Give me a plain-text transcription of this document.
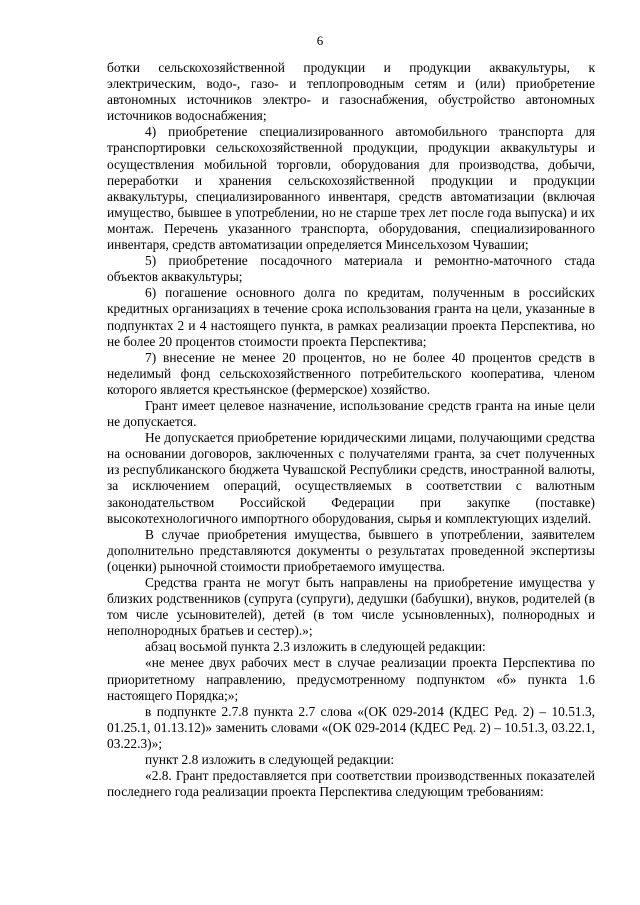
6

ботки сельскохозяйственной продукции и продукции аквакультуры, к электрическим, водо-, газо- и теплопроводным сетям и (или) приобретение автономных источников электро- и газоснабжения, обустройство автономных источников водоснабжения;

4) приобретение специализированного автомобильного транспорта для транспортировки сельскохозяйственной продукции, продукции аквакультуры и осуществления мобильной торговли, оборудования для производства, добычи, переработки и хранения сельскохозяйственной продукции и продукции аквакультуры, специализированного инвентаря, средств автоматизации (включая имущество, бывшее в употреблении, но не старше трех лет после года выпуска) и их монтаж. Перечень указанного транспорта, оборудования, специализированного инвентаря, средств автоматизации определяется Минсельхозом Чувашии;

5) приобретение посадочного материала и ремонтно-маточного стада объектов аквакультуры;

6) погашение основного долга по кредитам, полученным в российских кредитных организациях в течение срока использования гранта на цели, указанные в подпунктах 2 и 4 настоящего пункта, в рамках реализации проекта Перспектива, но не более 20 процентов стоимости проекта Перспектива;

7) внесение не менее 20 процентов, но не более 40 процентов средств в неделимый фонд сельскохозяйственного потребительского кооператива, членом которого является крестьянское (фермерское) хозяйство.

Грант имеет целевое назначение, использование средств гранта на иные цели не допускается.

Не допускается приобретение юридическими лицами, получающими средства на основании договоров, заключенных с получателями гранта, за счет полученных из республиканского бюджета Чувашской Республики средств, иностранной валюты, за исключением операций, осуществляемых в соответствии с валютным законодательством Российской Федерации при закупке (поставке) высокотехнологичного импортного оборудования, сырья и комплектующих изделий.

В случае приобретения имущества, бывшего в употреблении, заявителем дополнительно представляются документы о результатах проведенной экспертизы (оценки) рыночной стоимости приобретаемого имущества.

Средства гранта не могут быть направлены на приобретение имущества у близких родственников (супруга (супруги), дедушки (бабушки), внуков, родителей (в том числе усыновителей), детей (в том числе усыновленных), полнородных и неполнородных братьев и сестер).»;

абзац восьмой пункта 2.3 изложить в следующей редакции:

«не менее двух рабочих мест в случае реализации проекта Перспектива по приоритетному направлению, предусмотренному подпунктом «б» пункта 1.6 настоящего Порядка;»;

в подпункте 2.7.8 пункта 2.7 слова «(ОК 029-2014 (КДЕС Ред. 2) – 10.51.3, 01.25.1, 01.13.12)» заменить словами «(ОК 029-2014 (КДЕС Ред. 2) – 10.51.3, 03.22.1, 03.22.3)»;

пункт 2.8 изложить в следующей редакции:

«2.8. Грант предоставляется при соответствии производственных показателей последнего года реализации проекта Перспектива следующим требованиям:
